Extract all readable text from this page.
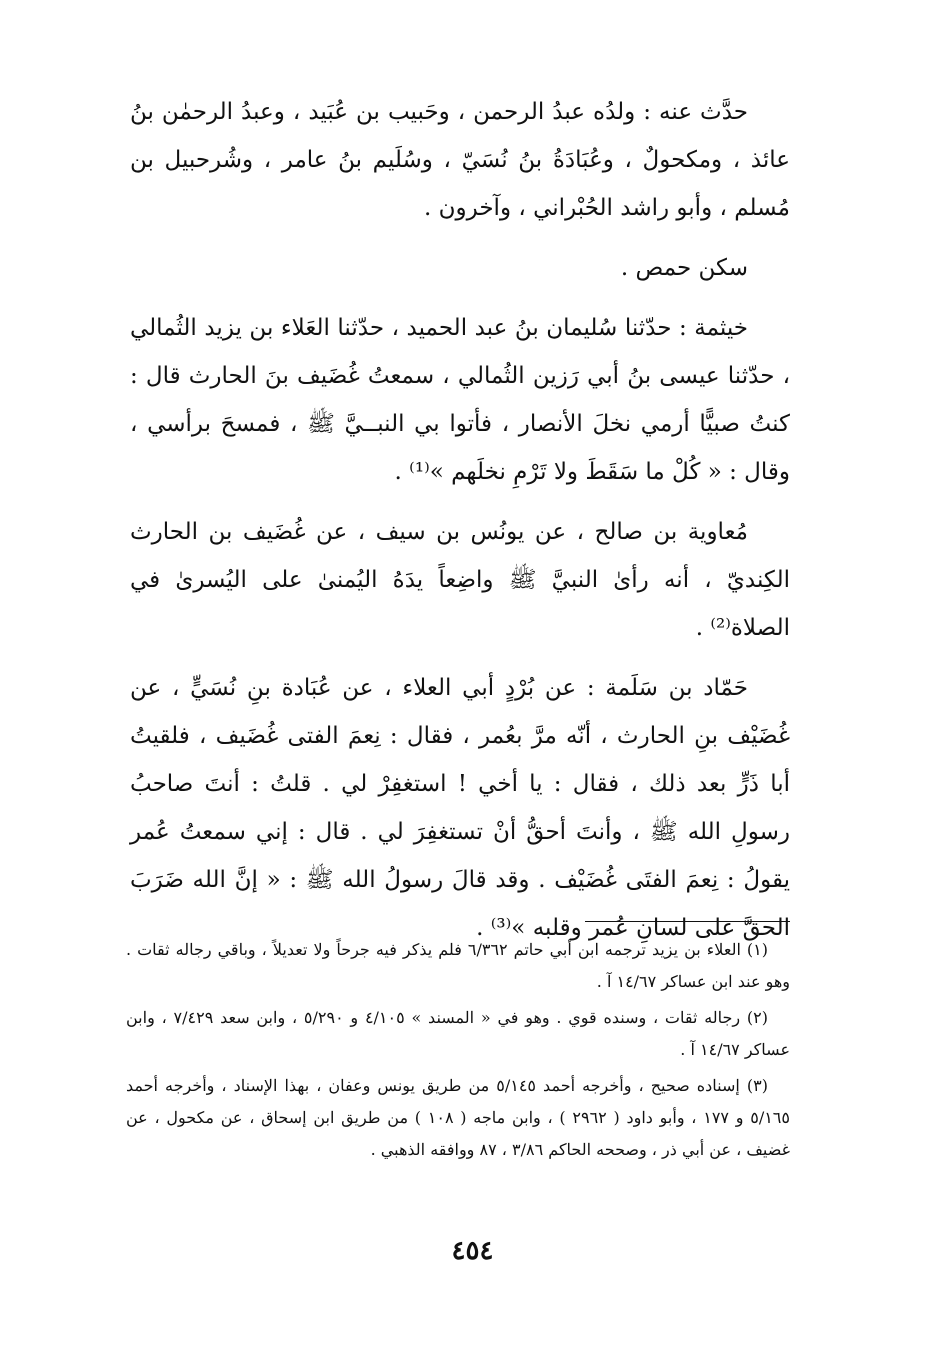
حدَّث عنه : ولدُه عبدُ الرحمن ، وحَبيب بن عُبَيد ، وعبدُ الرحمٰن بنُ عائذ ، ومكحولٌ ، وعُبَادَةُ بنُ نُسَيّ ، وسُلَيم بنُ عامر ، وشُرحبيل بن مُسلم ، وأبو راشد الحُبْراني ، وآخرون .

سكن حمص .

خيثمة : حدّثنا سُليمان بنُ عبد الحميد ، حدّثنا العَلاء بن يزيد الثُمالي ، حدّثنا عيسى بنُ أبي رَزين الثُمالي ، سمعتُ غُضَيف بنَ الحارث قال : كنتُ صبيًّا أرمي نخلَ الأنصار ، فأتوا بي النبــيَّ ﷺ ، فمسحَ برأسي ، وقال : « كُلْ ما سَقَطَ ولا تَرْمِ نخلَهم »⁽¹⁾ .

مُعاوية بن صالح ، عن يونُس بن سيف ، عن غُضَيف بن الحارث الكِنديّ ، أنه رأىٰ النبيَّ ﷺ واضِعاً يدَهُ اليُمنىٰ على اليُسرىٰ في الصلاة⁽²⁾ .

حَمّاد بن سَلَمة : عن بُرْدٍ أبي العلاء ، عن عُبَادة بنِ نُسَيٍّ ، عن غُضَيْف بنِ الحارث ، أنّه مرَّ بعُمر ، فقال : نِعمَ الفتى غُضَيف ، فلقيتُ أبا ذَرٍّ بعد ذلك ، فقال : يا أخي ! استغفِرْ لي . قلتُ : أنتَ صاحبُ رسولِ الله ﷺ ، وأنتَ أحقُّ أنْ تستغفِرَ لي . قال : إني سمعتُ عُمر يقولُ : نِعمَ الفتَى غُضَيْف . وقد قالَ رسولُ الله ﷺ : « إنَّ الله ضَرَبَ الحقَّ على لسانِ عُمر وقلبه »⁽³⁾ .

(١) العلاء بن يزيد ترجمه ابن أبي حاتم ٦/٣٦٢ فلم يذكر فيه جرحاً ولا تعديلاً ، وباقي رجاله ثقات . وهو عند ابن عساكر ١٤/٦٧ آ .

(٢) رجاله ثقات ، وسنده قوي . وهو في « المسند » ٤/١٠٥ و ٥/٢٩٠ ، وابن سعد ٧/٤٢٩ ، وابن عساكر ١٤/٦٧ آ .

(٣) إسناده صحيح ، وأخرجه أحمد ٥/١٤٥ من طريق يونس وعفان ، بهذا الإسناد ، وأخرجه أحمد ٥/١٦٥ و ١٧٧ ، وأبو داود ( ٢٩٦٢ ) ، وابن ماجه ( ١٠٨ ) من طريق ابن إسحاق ، عن مكحول ، عن غضيف ، عن أبي ذر ، وصححه الحاكم ٣/٨٦ ، ٨٧ ووافقه الذهبي .

٤٥٤
